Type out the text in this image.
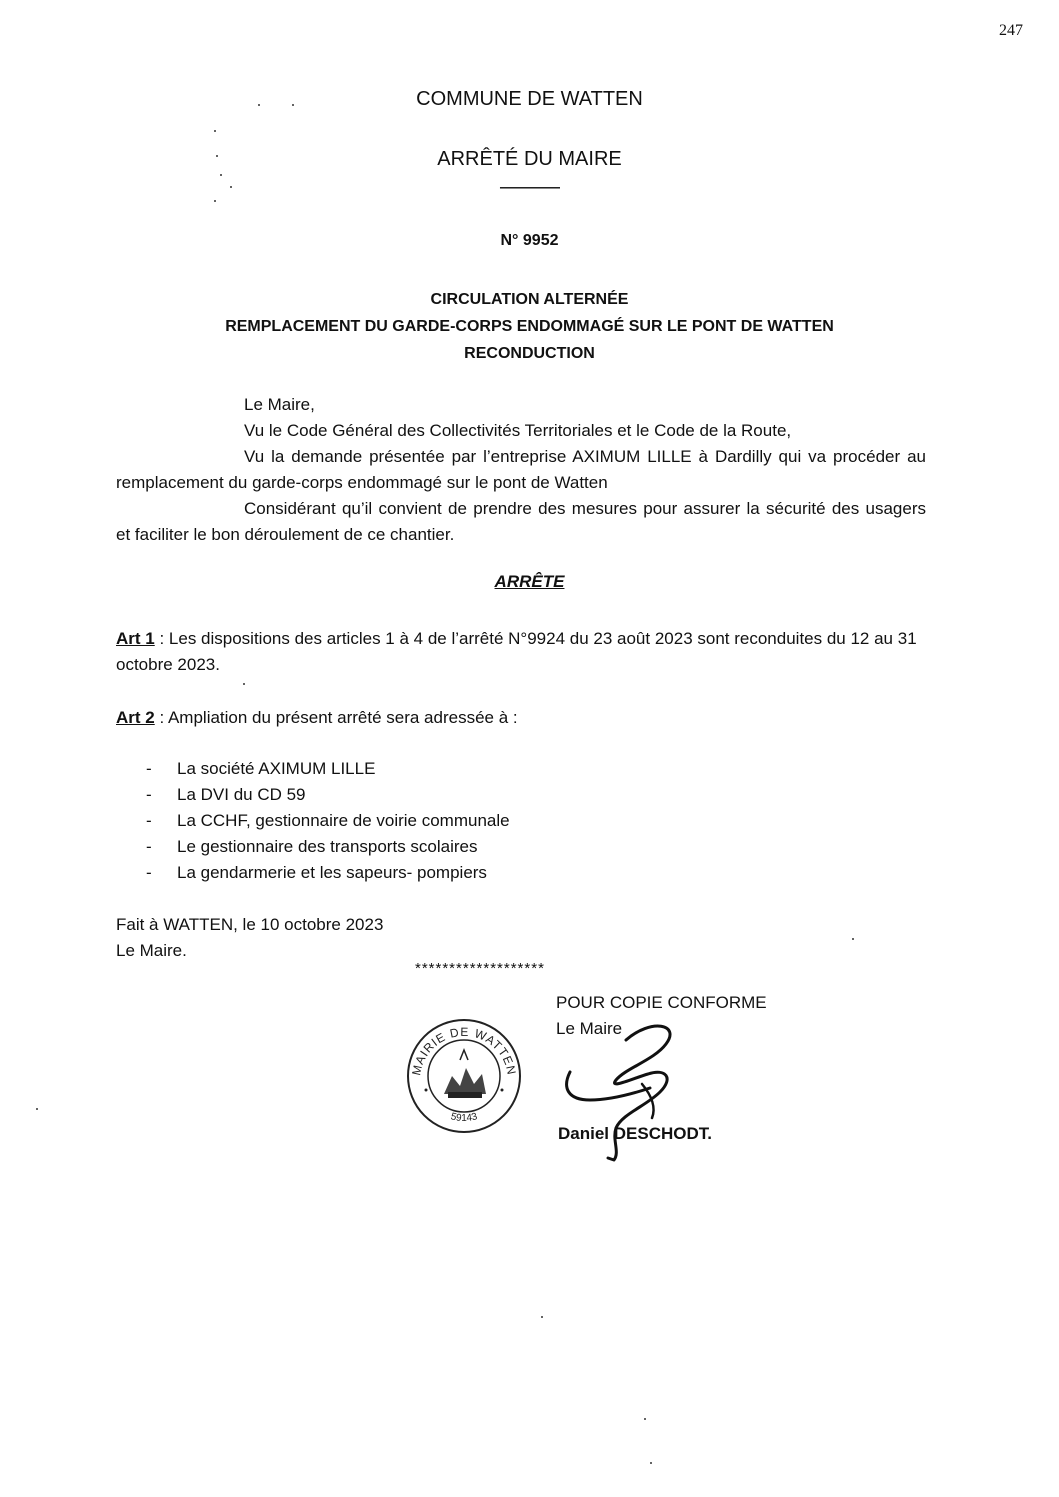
247
COMMUNE DE WATTEN
ARRÊTÉ DU MAIRE
--------------------
N° 9952
CIRCULATION ALTERNÉE
REMPLACEMENT DU GARDE-CORPS ENDOMMAGÉ SUR LE PONT DE WATTEN
RECONDUCTION
Le Maire,
Vu le Code Général des Collectivités Territoriales et le Code de la Route,
Vu la demande présentée par l’entreprise AXIMUM LILLE à Dardilly qui va procéder au remplacement du garde-corps endommagé sur le pont de Watten
Considérant qu’il convient de prendre des mesures pour assurer la sécurité des usagers et faciliter le bon déroulement de ce chantier.
ARRÊTE
Art 1 : Les dispositions des articles 1 à 4 de l’arrêté N°9924 du 23 août 2023 sont reconduites du 12 au 31 octobre 2023.
Art 2 : Ampliation du présent arrêté sera adressée à :
- La société AXIMUM LILLE
- La DVI du CD 59
- La CCHF, gestionnaire de voirie communale
- Le gestionnaire des transports scolaires
- La gendarmerie et les sapeurs- pompiers
Fait à WATTEN, le 10 octobre 2023
Le Maire.
*******************
POUR COPIE CONFORME
Le Maire
MAIRIE DE WATTEN
59143
Daniel DESCHODT.
